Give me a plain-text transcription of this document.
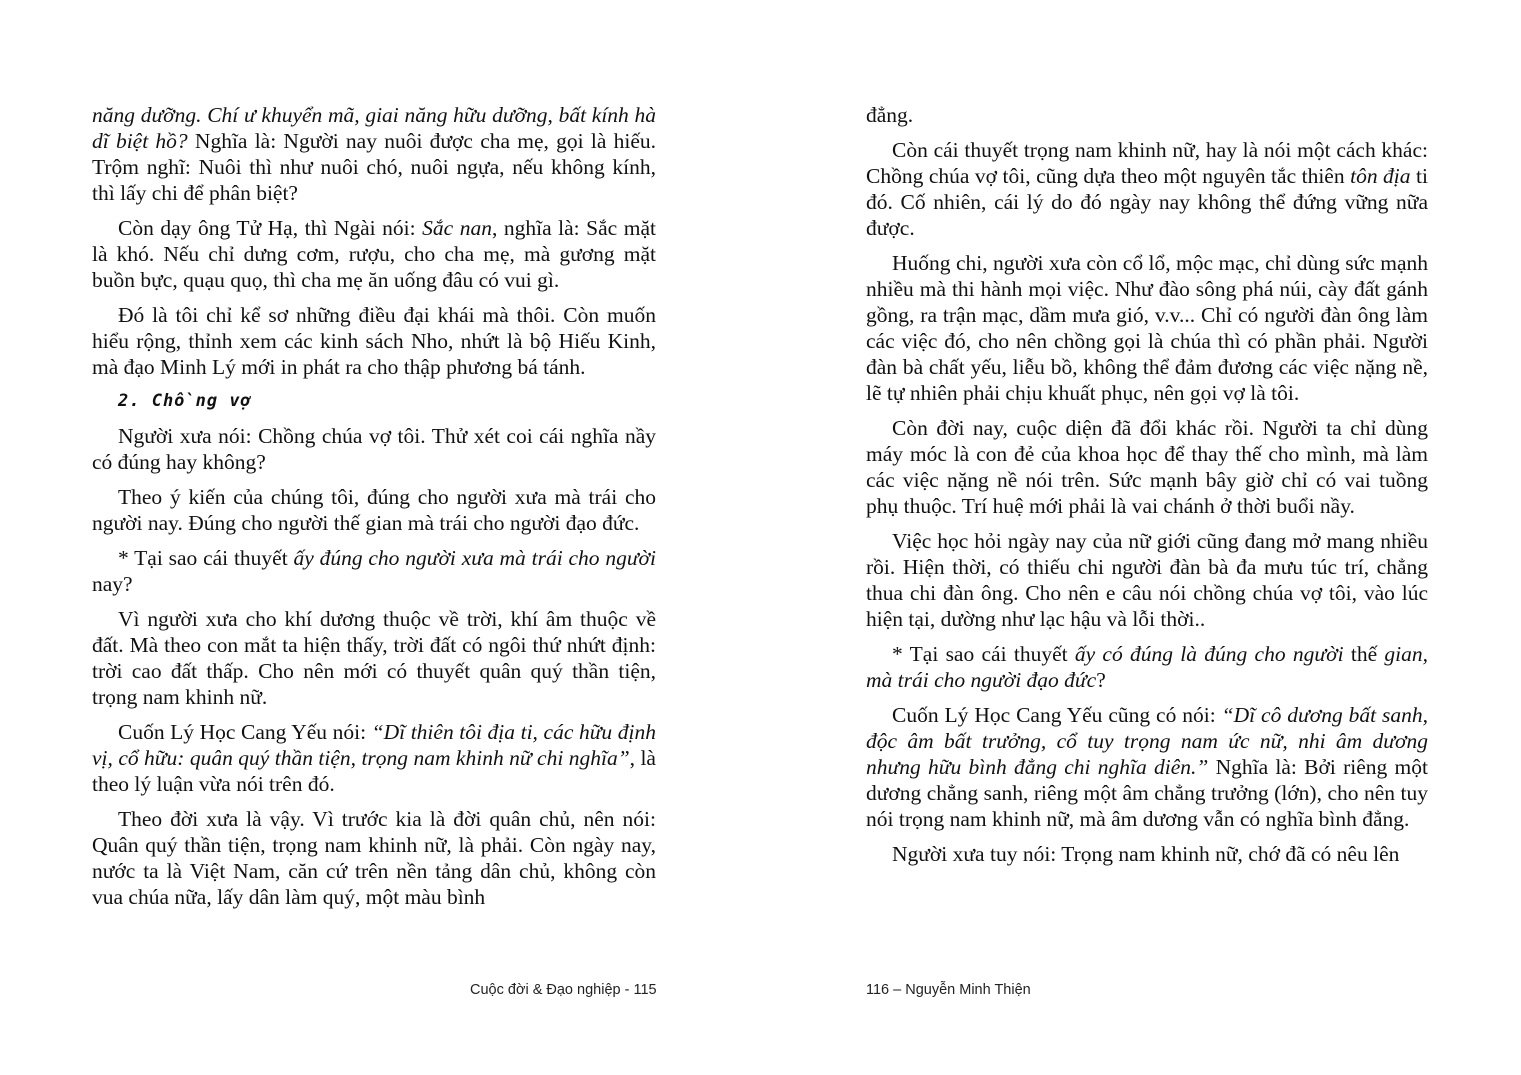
năng dưỡng. Chí ư khuyển mã, giai năng hữu dưỡng, bất kính hà dĩ biệt hồ? Nghĩa là: Người nay nuôi được cha mẹ, gọi là hiếu. Trộm nghĩ: Nuôi thì như nuôi chó, nuôi ngựa, nếu không kính, thì lấy chi để phân biệt?

Còn dạy ông Tử Hạ, thì Ngài nói: Sắc nan, nghĩa là: Sắc mặt là khó. Nếu chỉ dưng cơm, rượu, cho cha mẹ, mà gương mặt buồn bực, quạu quọ, thì cha mẹ ăn uống đâu có vui gì.

Đó là tôi chỉ kể sơ những điều đại khái mà thôi. Còn muốn hiểu rộng, thỉnh xem các kinh sách Nho, nhứt là bộ Hiếu Kinh, mà đạo Minh Lý mới in phát ra cho thập phương bá tánh.

2. Chồng vợ

Người xưa nói: Chồng chúa vợ tôi. Thử xét coi cái nghĩa nầy có đúng hay không?

Theo ý kiến của chúng tôi, đúng cho người xưa mà trái cho người nay. Đúng cho người thế gian mà trái cho người đạo đức.

* Tại sao cái thuyết ấy đúng cho người xưa mà trái cho người nay?

Vì người xưa cho khí dương thuộc về trời, khí âm thuộc về đất. Mà theo con mắt ta hiện thấy, trời đất có ngôi thứ nhứt định: trời cao đất thấp. Cho nên mới có thuyết quân quý thần tiện, trọng nam khinh nữ.

Cuốn Lý Học Cang Yếu nói: “Dĩ thiên tôi địa ti, các hữu định vị, cổ hữu: quân quý thần tiện, trọng nam khinh nữ chi nghĩa”, là theo lý luận vừa nói trên đó.

Theo đời xưa là vậy. Vì trước kia là đời quân chủ, nên nói: Quân quý thần tiện, trọng nam khinh nữ, là phải. Còn ngày nay, nước ta là Việt Nam, căn cứ trên nền tảng dân chủ, không còn vua chúa nữa, lấy dân làm quý, một màu bình

Cuộc đời & Đạo nghiệp - 115

đẳng.

Còn cái thuyết trọng nam khinh nữ, hay là nói một cách khác: Chồng chúa vợ tôi, cũng dựa theo một nguyên tắc thiên tôn địa ti đó. Cố nhiên, cái lý do đó ngày nay không thể đứng vững nữa được.

Huống chi, người xưa còn cổ lổ, mộc mạc, chỉ dùng sức mạnh nhiều mà thi hành mọi việc. Như đào sông phá núi, cày đất gánh gồng, ra trận mạc, dầm mưa gió, v.v... Chỉ có người đàn ông làm các việc đó, cho nên chồng gọi là chúa thì có phần phải. Người đàn bà chất yếu, liễu bồ, không thể đảm đương các việc nặng nề, lẽ tự nhiên phải chịu khuất phục, nên gọi vợ là tôi.

Còn đời nay, cuộc diện đã đổi khác rồi. Người ta chỉ dùng máy móc là con đẻ của khoa học để thay thế cho mình, mà làm các việc nặng nề nói trên. Sức mạnh bây giờ chỉ có vai tuồng phụ thuộc. Trí huệ mới phải là vai chánh ở thời buổi nầy.

Việc học hỏi ngày nay của nữ giới cũng đang mở mang nhiều rồi. Hiện thời, có thiếu chi người đàn bà đa mưu túc trí, chẳng thua chi đàn ông. Cho nên e câu nói chồng chúa vợ tôi, vào lúc hiện tại, dường như lạc hậu và lỗi thời..

* Tại sao cái thuyết ấy có đúng là đúng cho người thế gian, mà trái cho người đạo đức?

Cuốn Lý Học Cang Yếu cũng có nói: “Dĩ cô dương bất sanh, độc âm bất trưởng, cổ tuy trọng nam ức nữ, nhi âm dương nhưng hữu bình đẳng chi nghĩa diên.” Nghĩa là: Bởi riêng một dương chẳng sanh, riêng một âm chẳng trưởng (lớn), cho nên tuy nói trọng nam khinh nữ, mà âm dương vẫn có nghĩa bình đẳng.

Người xưa tuy nói: Trọng nam khinh nữ, chớ đã có nêu lên

116 – Nguyễn Minh Thiện
